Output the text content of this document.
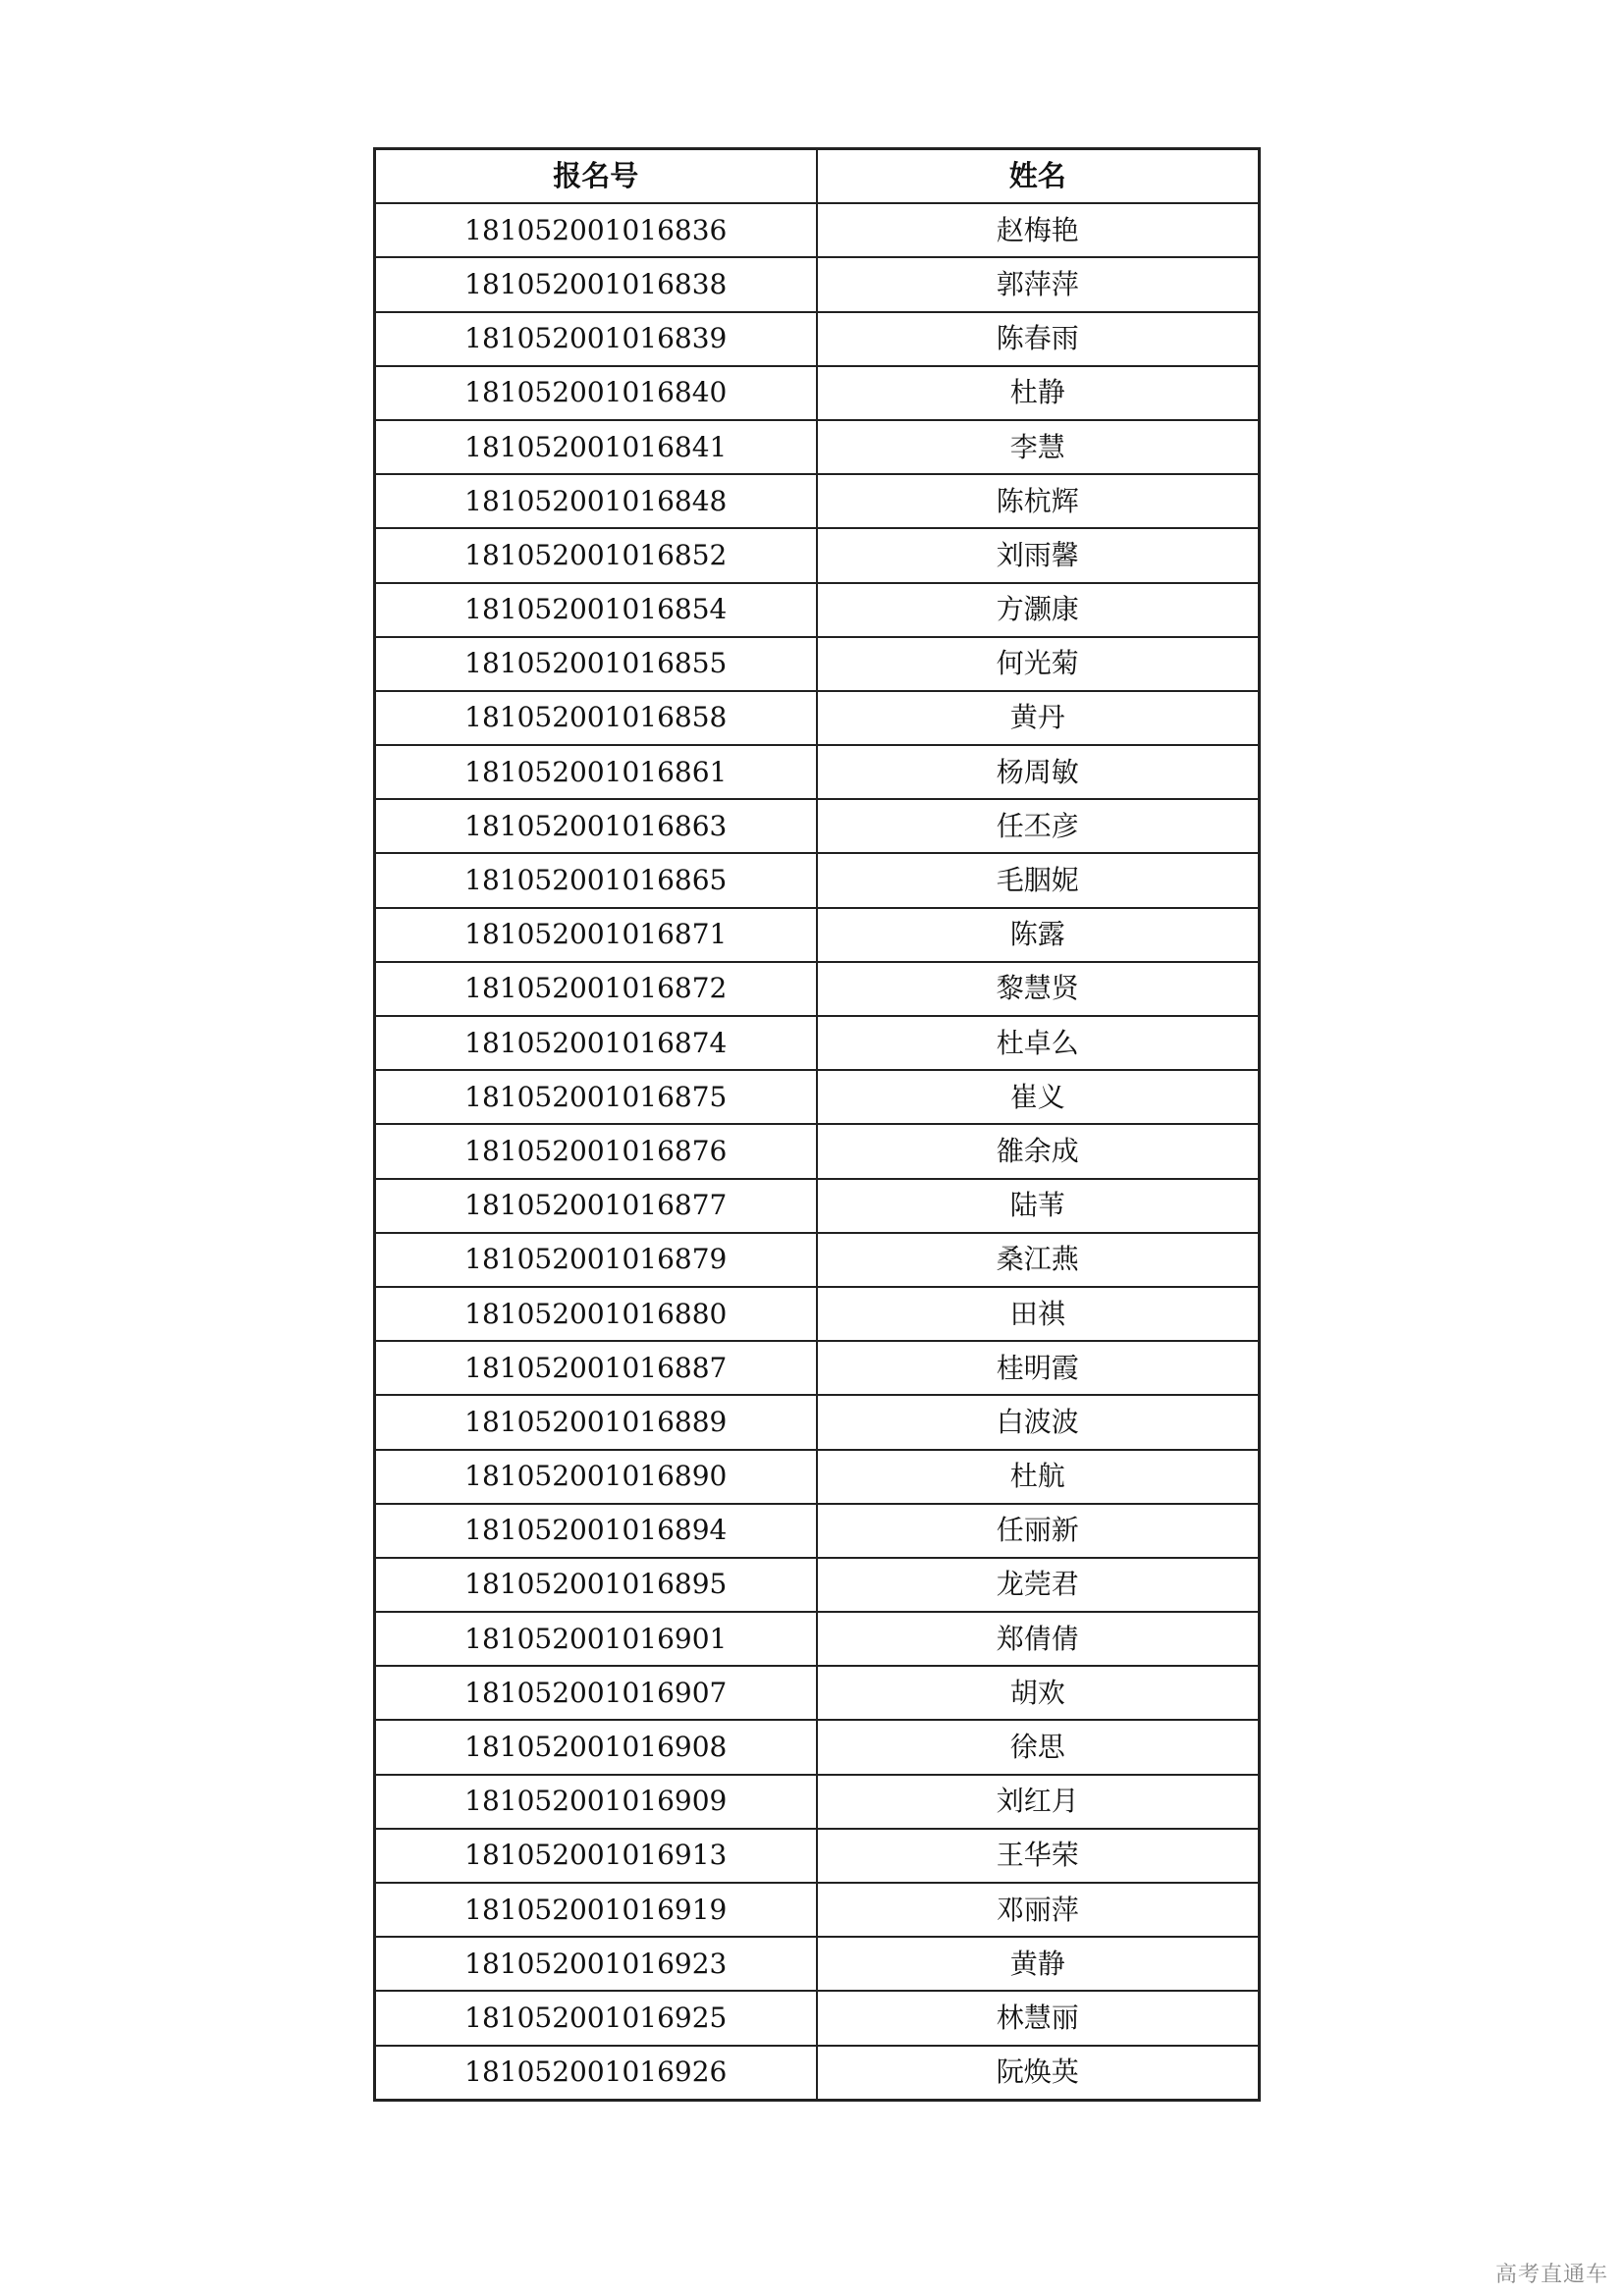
报名号	姓名
181052001016836	赵梅艳
181052001016838	郭萍萍
181052001016839	陈春雨
181052001016840	杜静
181052001016841	李慧
181052001016848	陈杭辉
181052001016852	刘雨馨
181052001016854	方灏康
181052001016855	何光菊
181052001016858	黄丹
181052001016861	杨周敏
181052001016863	任丕彦
181052001016865	毛胭妮
181052001016871	陈露
181052001016872	黎慧贤
181052001016874	杜卓么
181052001016875	崔义
181052001016876	雒余成
181052001016877	陆苇
181052001016879	桑江燕
181052001016880	田祺
181052001016887	桂明霞
181052001016889	白波波
181052001016890	杜航
181052001016894	任丽新
181052001016895	龙莞君
181052001016901	郑倩倩
181052001016907	胡欢
181052001016908	徐思
181052001016909	刘红月
181052001016913	王华荣
181052001016919	邓丽萍
181052001016923	黄静
181052001016925	林慧丽
181052001016926	阮焕英
高考直通车
